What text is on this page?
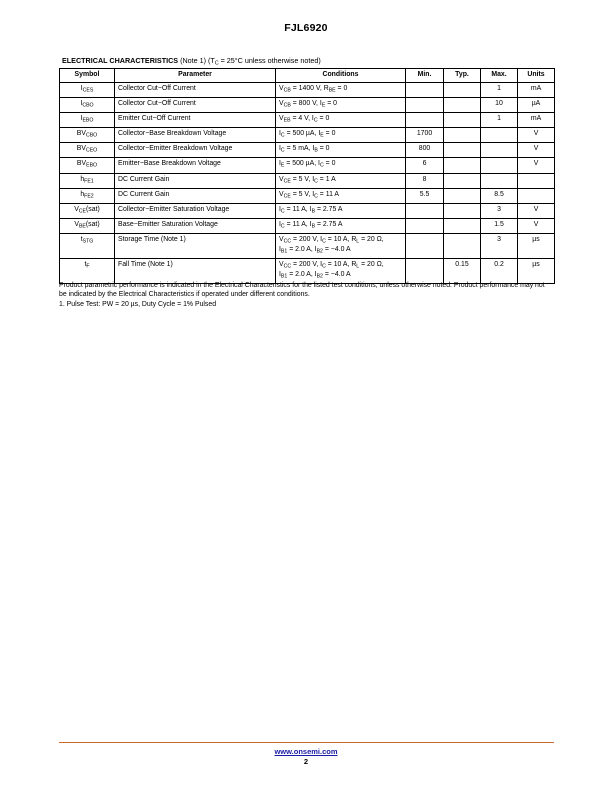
FJL6920
ELECTRICAL CHARACTERISTICS (Note 1) ($T_C = 25^\circ C$ unless otherwise noted)
Symbol	Parameter	Conditions	Min.	Typ.	Max.	Units
$I_{CES}$	Collector Cut−Off Current	$V_{CB} = 1400$ V, $R_{BE} = 0$			1	mA
$I_{CBO}$	Collector Cut−Off Current	$V_{CB} = 800$ V, $I_E = 0$			10	µA
$I_{EBO}$	Emitter Cut−Off Current	$V_{EB} = 4$ V, $I_C = 0$			1	mA
$BV_{CBO}$	Collector−Base Breakdown Voltage	$I_C = 500$ µA, $I_E = 0$	1700			V
$BV_{CEO}$	Collector−Emitter Breakdown Voltage	$I_C = 5$ mA, $I_B = 0$	800			V
$BV_{EBO}$	Emitter−Base Breakdown Voltage	$I_E = 500$ µA, $I_C = 0$	6			V
$h_{FE1}$	DC Current Gain	$V_{CE} = 5$ V, $I_C = 1$ A	8			
$h_{FE2}$	DC Current Gain	$V_{CE} = 5$ V, $I_C = 11$ A	5.5		8.5	
$V_{CE}(sat)$	Collector−Emitter Saturation Voltage	$I_C = 11$ A, $I_B = 2.75$ A			3	V
$V_{BE}(sat)$	Base−Emitter Saturation Voltage	$I_C = 11$ A, $I_B = 2.75$ A			1.5	V
$t_{STG}$	Storage Time (Note 1)	$V_{CC} = 200$ V, $I_C = 10$ A, $R_L = 20$ Ω,
$I_{B1} = 2.0$ A, $I_{B2} = -4.0$ A			3	µs
$t_F$	Fall Time (Note 1)	$V_{CC} = 200$ V, $I_C = 10$ A, $R_L = 20$ Ω,
$I_{B1} = 2.0$ A, $I_{B2} = -4.0$ A		0.15	0.2	µs
Product parametric performance is indicated in the Electrical Characteristics for the listed test conditions, unless otherwise noted. Product performance may not be indicated by the Electrical Characteristics if operated under different conditions.
1. Pulse Test: PW = 20 µs, Duty Cycle = 1% Pulsed
www.onsemi.com
2
